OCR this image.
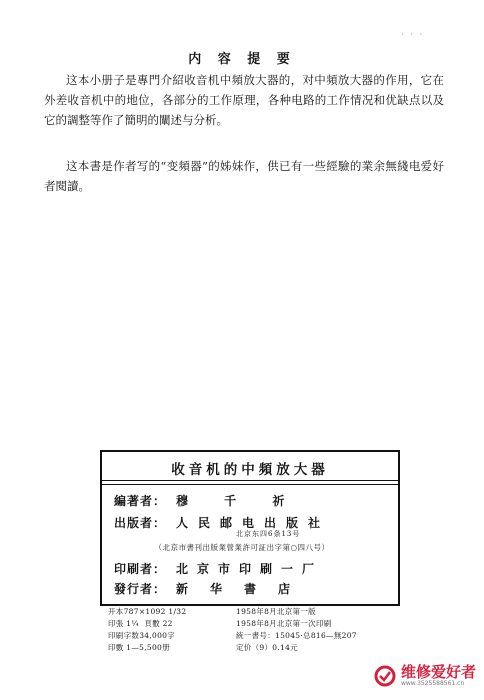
· · ·
内 容 提 要
这本小册子是專門介紹收音机中頻放大器的，对中頻放大器的作用，它在外差收音机中的地位，各部分的工作原理，各种电路的工作情况和优缺点以及它的調整等作了簡明的闡述与分析。
这本書是作者写的“变頻器”的姊妹作，供已有一些經驗的業余無綫电爱好者閱讀。
收音机的中頻放大器
編著者： 穆 千 祈
出版者： 人民邮电出版社
北京东四6条13号
（北京市書刊出版業營業許可証出字第○四八号）
印刷者： 北京市印刷一厂
發行者： 新华書店
开本787×1092 1/32
印張 1¼ 頁數 22
印刷字数34,000字
印數 1—5,500册
1958年8月北京第一版
1958年8月北京第一次印刷
統一書号：15045·总816—無207
定价（9）0.14元

维修爱好者
www.3525588561.cn
